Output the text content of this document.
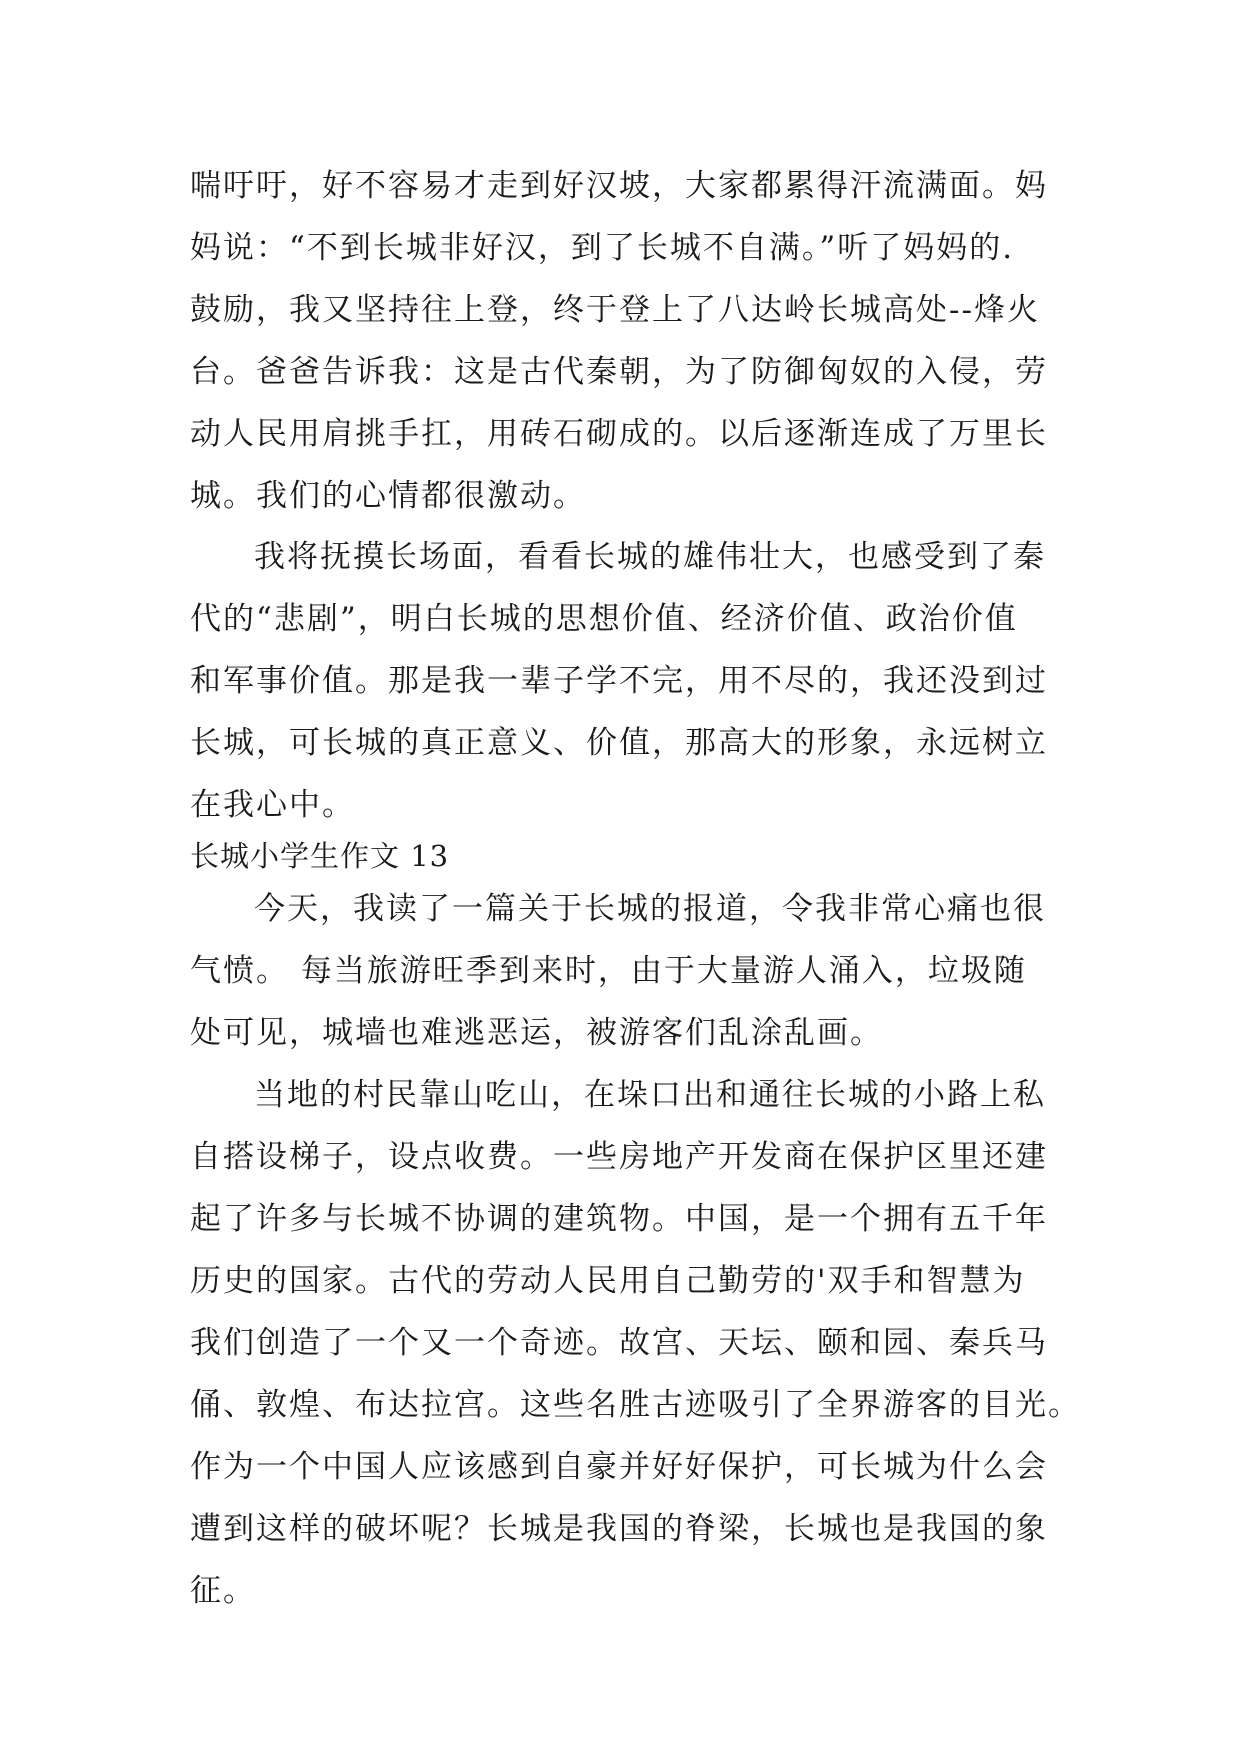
喘吁吁，好不容易才走到好汉坡，大家都累得汗流满面。妈
妈说：“不到长城非好汉，到了长城不自满。”听了妈妈的.
鼓励，我又坚持往上登，终于登上了八达岭长城高处--烽火
台。爸爸告诉我：这是古代秦朝，为了防御匈奴的入侵，劳
动人民用肩挑手扛，用砖石砌成的。以后逐渐连成了万里长
城。我们的心情都很激动。
我将抚摸长场面，看看长城的雄伟壮大，也感受到了秦
代的“悲剧”，明白长城的思想价值、经济价值、政治价值
和军事价值。那是我一辈子学不完，用不尽的，我还没到过
长城，可长城的真正意义、价值，那高大的形象，永远树立
在我心中。
长城小学生作文 13
今天，我读了一篇关于长城的报道，令我非常心痛也很
气愤。 每当旅游旺季到来时，由于大量游人涌入，垃圾随
处可见，城墙也难逃恶运，被游客们乱涂乱画。
当地的村民靠山吃山，在垛口出和通往长城的小路上私
自搭设梯子，设点收费。一些房地产开发商在保护区里还建
起了许多与长城不协调的建筑物。中国，是一个拥有五千年
历史的国家。古代的劳动人民用自己勤劳的'双手和智慧为
我们创造了一个又一个奇迹。故宫、天坛、颐和园、秦兵马
俑、敦煌、布达拉宫。这些名胜古迹吸引了全界游客的目光。
作为一个中国人应该感到自豪并好好保护，可长城为什么会
遭到这样的破坏呢？长城是我国的脊梁，长城也是我国的象
征。
